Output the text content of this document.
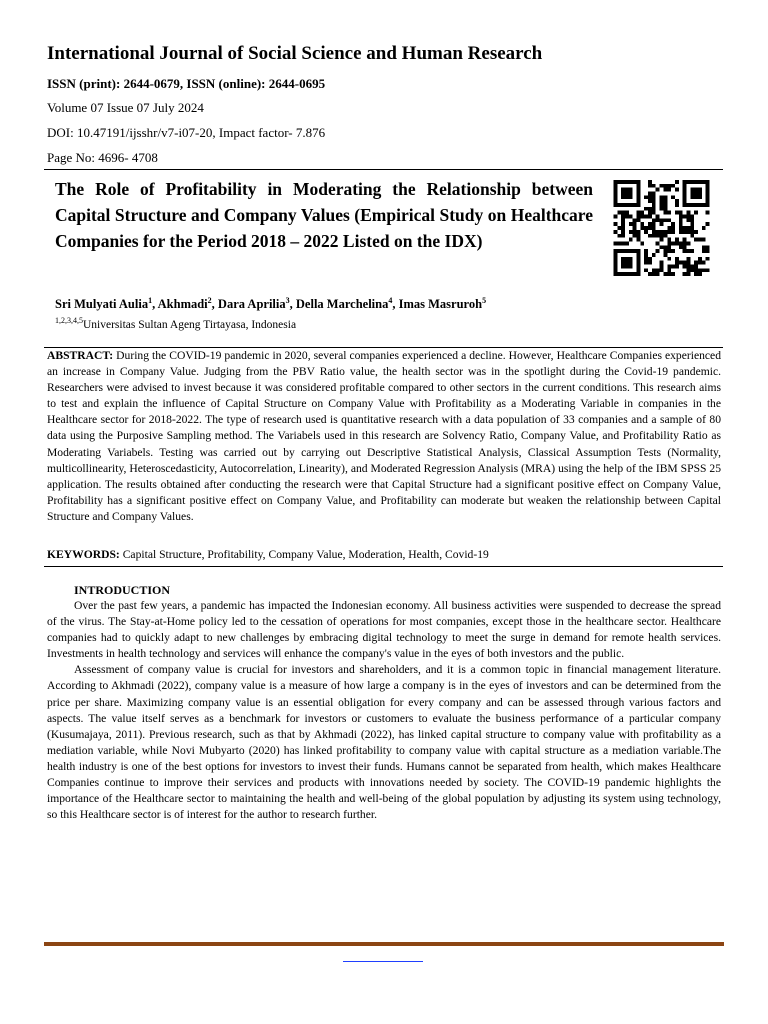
International Journal of Social Science and Human Research
ISSN (print): 2644-0679, ISSN (online): 2644-0695
Volume 07 Issue 07 July 2024
DOI: 10.47191/ijsshr/v7-i07-20, Impact factor- 7.876
Page No: 4696- 4708
The Role of Profitability in Moderating the Relationship between Capital Structure and Company Values (Empirical Study on Healthcare Companies for the Period 2018 – 2022 Listed on the IDX)
Sri Mulyati Aulia$^1$, Akhmadi$^2$, Dara Aprilia$^3$, Della Marchelina$^4$, Imas Masruroh$^5$
$^{1,2,3,4,5}$Universitas Sultan Ageng Tirtayasa, Indonesia

ABSTRACT: During the COVID-19 pandemic in 2020, several companies experienced a decline. However, Healthcare Companies experienced an increase in Company Value. Judging from the PBV Ratio value, the health sector was in the spotlight during the Covid-19 pandemic. Researchers were advised to invest because it was considered profitable compared to other sectors in the current conditions. This research aims to test and explain the influence of Capital Structure on Company Value with Profitability as a Moderating Variable in companies in the Healthcare sector for 2018-2022. The type of research used is quantitative research with a data population of 33 companies and a sample of 80 data using the Purposive Sampling method. The Variabels used in this research are Solvency Ratio, Company Value, and Profitability Ratio as Moderating Variabels. Testing was carried out by carrying out Descriptive Statistical Analysis, Classical Assumption Tests (Normality, multicollinearity, Heteroscedasticity, Autocorrelation, Linearity), and Moderated Regression Analysis (MRA) using the help of the IBM SPSS 25 application. The results obtained after conducting the research were that Capital Structure had a significant positive effect on Company Value, Profitability has a significant positive effect on Company Value, and Profitability can moderate but weaken the relationship between Capital Structure and Company Values.

KEYWORDS: Capital Structure, Profitability, Company Value, Moderation, Health, Covid-19

INTRODUCTION

Over the past few years, a pandemic has impacted the Indonesian economy. All business activities were suspended to decrease the spread of the virus. The Stay-at-Home policy led to the cessation of operations for most companies, except those in the healthcare sector. Healthcare companies had to quickly adapt to new challenges by embracing digital technology to meet the surge in demand for remote health services. Investments in health technology and services will enhance the company's value in the eyes of both investors and the public.

Assessment of company value is crucial for investors and shareholders, and it is a common topic in financial management literature. According to Akhmadi (2022), company value is a measure of how large a company is in the eyes of investors and can be determined from the price per share. Maximizing company value is an essential obligation for every company and can be assessed through various factors and aspects. The value itself serves as a benchmark for investors or customers to evaluate the business performance of a particular company (Kusumajaya, 2011). Previous research, such as that by Akhmadi (2022), has linked capital structure to company value with profitability as a mediation variable, while Novi Mubyarto (2020) has linked profitability to company value with capital structure as a mediation variable.The health industry is one of the best options for investors to invest their funds. Humans cannot be separated from health, which makes Healthcare Companies continue to improve their services and products with innovations needed by society. The COVID-19 pandemic highlights the importance of the Healthcare sector to maintaining the health and well-being of the global population by adjusting its system using technology, so this Healthcare sector is of interest for the author to research further.
